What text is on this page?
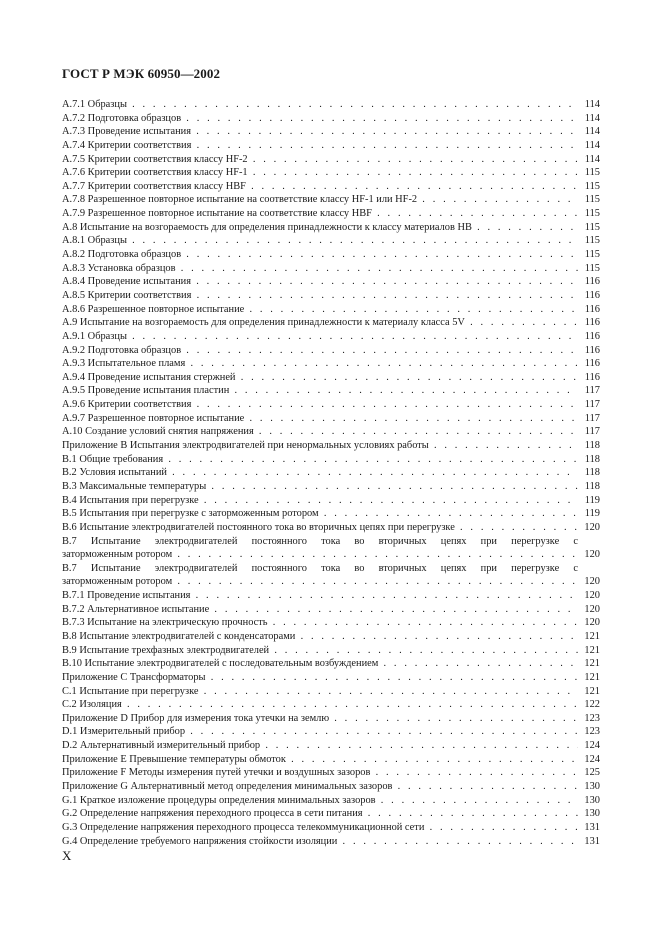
ГОСТ Р МЭК 60950—2002
А.7.1 Образцы . . .	114
А.7.2 Подготовка образцов . . .	114
А.7.3 Проведение испытания . . .	114
А.7.4 Критерии соответствия . . .	114
А.7.5 Критерии соответствия классу HF-2 . . .	114
А.7.6 Критерии соответствия классу HF-1 . . .	115
А.7.7 Критерии соответствия классу HBF . . .	115
А.7.8 Разрешенное повторное испытание на соответствие классу HF-1 или HF-2 . . .	115
А.7.9 Разрешенное повторное испытание на соответствие классу HBF . . .	115
А.8 Испытание на возгораемость для определения принадлежности к классу материалов HB . . .	115
А.8.1 Образцы . . .	115
А.8.2 Подготовка образцов . . .	115
А.8.3 Установка образцов . . .	115
А.8.4 Проведение испытания . . .	116
А.8.5 Критерии соответствия . . .	116
А.8.6 Разрешенное повторное испытание . . .	116
А.9 Испытание на возгораемость для определения принадлежности к материалу класса 5V . . .	116
А.9.1 Образцы . . .	116
А.9.2 Подготовка образцов . . .	116
А.9.3 Испытательное пламя . . .	116
А.9.4 Проведение испытания стержней . . .	116
А.9.5 Проведение испытания пластин . . .	117
А.9.6 Критерии соответствия . . .	117
А.9.7 Разрешенное повторное испытание . . .	117
А.10 Создание условий снятия напряжения . . .	117
Приложение В Испытания электродвигателей при ненормальных условиях работы . . .	118
В.1 Общие требования . . .	118
В.2 Условия испытаний . . .	118
В.3 Максимальные температуры . . .	118
В.4 Испытания при перегрузке . . .	119
В.5 Испытания при перегрузке с заторможенным ротором . . .	119
В.6 Испытание электродвигателей постоянного тока во вторичных цепях при перегрузке . . .	120
В.7 Испытание электродвигателей постоянного тока во вторичных цепях при перегрузке с
заторможенным ротором . . .	120
В.7 Испытание электродвигателей постоянного тока во вторичных цепях при перегрузке с
заторможенным ротором . . .	120
В.7.1 Проведение испытания . . .	120
В.7.2 Альтернативное испытание . . .	120
В.7.3 Испытание на электрическую прочность . . .	120
В.8 Испытание электродвигателей с конденсаторами . . .	121
В.9 Испытание трехфазных электродвигателей . . .	121
В.10 Испытание электродвигателей с последовательным возбуждением . . .	121
Приложение С Трансформаторы . . .	121
С.1 Испытание при перегрузке . . .	121
С.2 Изоляция . . .	122
Приложение D Прибор для измерения тока утечки на землю . . .	123
D.1 Измерительный прибор . . .	123
D.2 Альтернативный измерительный прибор . . .	124
Приложение Е Превышение температуры обмоток . . .	124
Приложение F Методы измерения путей утечки и воздушных зазоров . . .	125
Приложение G Альтернативный метод определения минимальных зазоров . . .	130
G.1 Краткое изложение процедуры определения минимальных зазоров . . .	130
G.2 Определение напряжения переходного процесса в сети питания . . .	130
G.3 Определение напряжения переходного процесса телекоммуникационной сети . . .	131
G.4 Определение требуемого напряжения стойкости изоляции . . .	131
X
